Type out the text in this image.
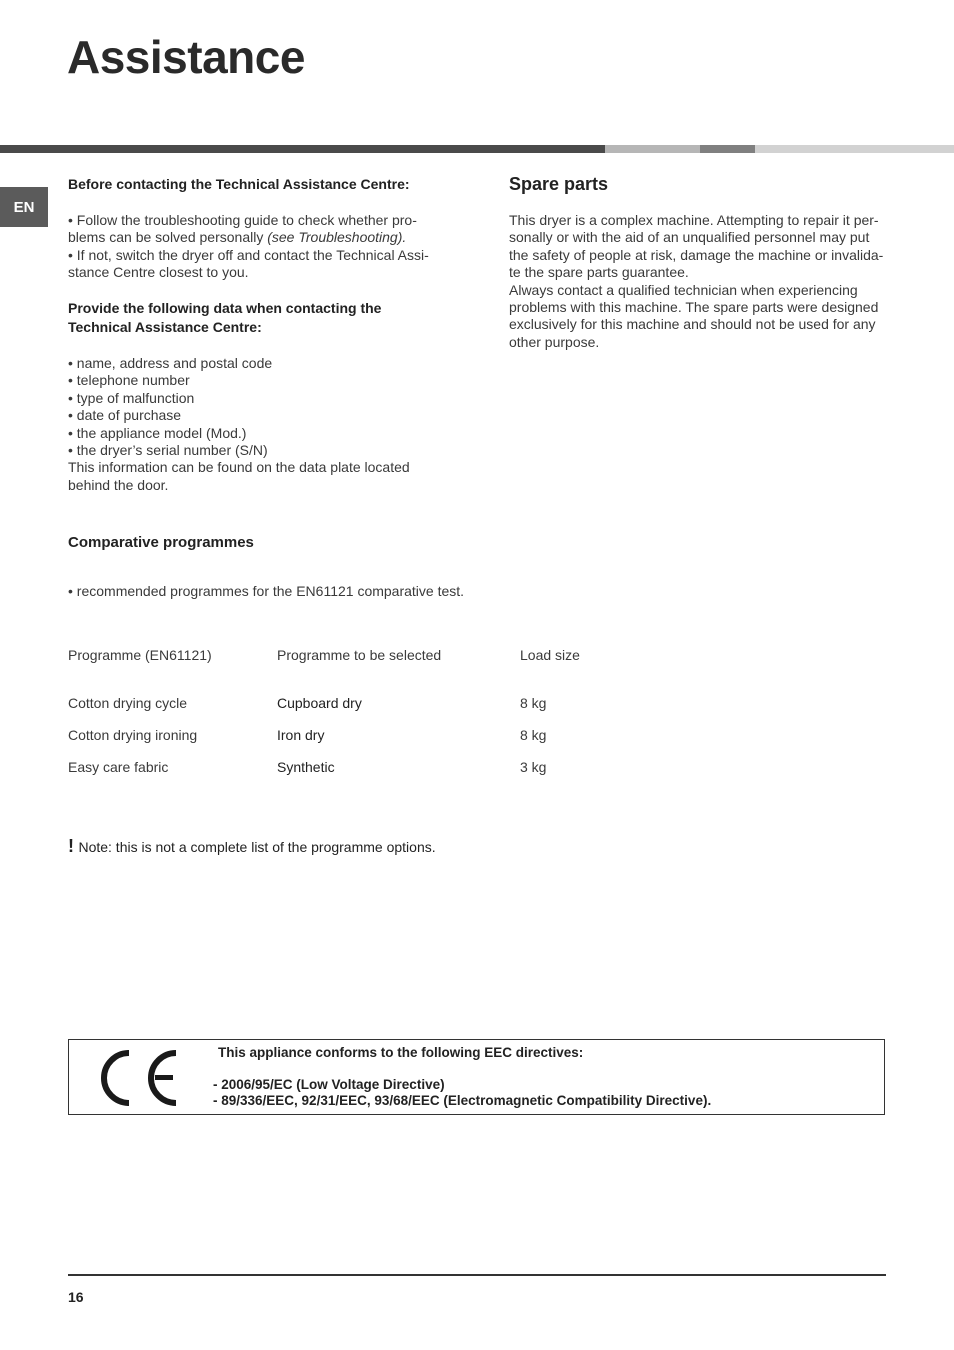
Assistance
EN
Before contacting the Technical Assistance Centre:
• Follow the troubleshooting guide to check whether pro-
blems can be solved personally (see Troubleshooting).
• If not, switch the dryer off and contact the Technical Assi-
stance Centre closest to you.
Provide the following data when contacting the
Technical Assistance Centre:
• name, address and postal code
• telephone number
• type of malfunction
• date of purchase
• the appliance model (Mod.)
• the dryer’s serial number (S/N)
This information can be found on the data plate located
behind the door.
Spare parts
This dryer is a complex machine. Attempting to repair it per-
sonally or with the aid of an unqualified personnel may put
the safety of people at risk, damage the machine or invalida-
te the spare parts guarantee.
Always contact a qualified technician when experiencing
problems with this machine. The spare parts were designed
exclusively for this machine and should not be used for any
other purpose.
Comparative programmes
• recommended programmes for the EN61121 comparative test.
Programme (EN61121)	Programme to be selected	Load size
Cotton drying cycle	Cupboard dry	8 kg
Cotton drying ironing	Iron dry	8 kg
Easy care fabric	Synthetic	3 kg
! Note: this is not a complete list of the programme options.
This appliance conforms to the following EEC directives:
- 2006/95/EC (Low Voltage Directive)
- 89/336/EEC, 92/31/EEC, 93/68/EEC (Electromagnetic Compatibility Directive).
16
